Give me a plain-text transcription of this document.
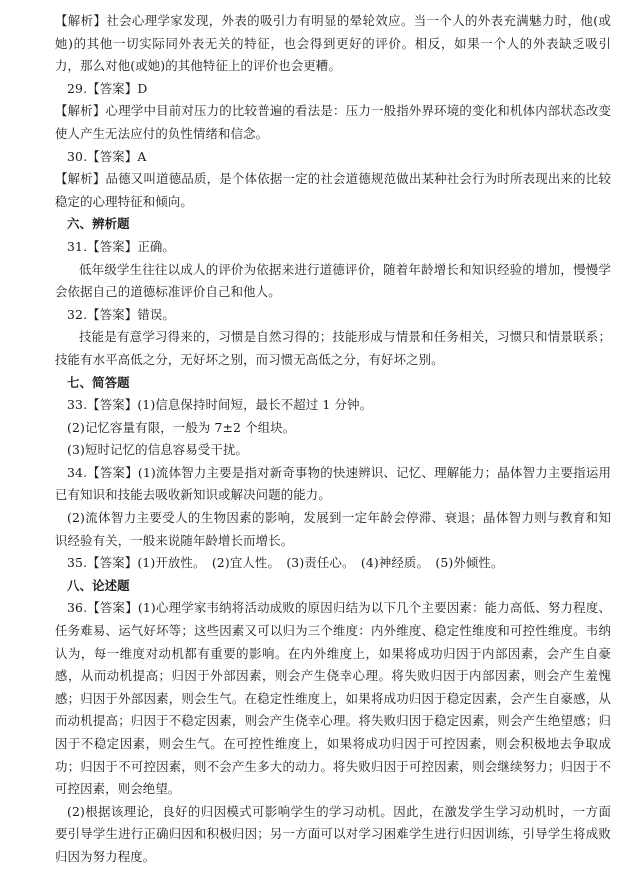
【解析】社会心理学家发现，外表的吸引力有明显的晕轮效应。当一个人的外表充满魅力时，他(或她)的其他一切实际同外表无关的特征，也会得到更好的评价。相反，如果一个人的外表缺乏吸引力，那么对他(或她)的其他特征上的评价也会更糟。

29.【答案】D

【解析】心理学中目前对压力的比较普遍的看法是：压力一般指外界环境的变化和机体内部状态改变使人产生无法应付的负性情绪和信念。

30.【答案】A

【解析】品德又叫道德品质，是个体依据一定的社会道德规范做出某种社会行为时所表现出来的比较稳定的心理特征和倾向。

六、辨析题

31.【答案】正确。

低年级学生往往以成人的评价为依据来进行道德评价，随着年龄增长和知识经验的增加，慢慢学会依据自己的道德标准评价自己和他人。

32.【答案】错误。

技能是有意学习得来的，习惯是自然习得的；技能形成与情景和任务相关，习惯只和情景联系；技能有水平高低之分，无好坏之别，而习惯无高低之分，有好坏之别。

七、简答题

33.【答案】(1)信息保持时间短，最长不超过 1 分钟。

(2)记忆容量有限，一般为 7±2 个组块。

(3)短时记忆的信息容易受干扰。

34.【答案】(1)流体智力主要是指对新奇事物的快速辨识、记忆、理解能力；晶体智力主要指运用已有知识和技能去吸收新知识或解决问题的能力。

(2)流体智力主要受人的生物因素的影响，发展到一定年龄会停滞、衰退；晶体智力则与教育和知识经验有关，一般来说随年龄增长而增长。

35.【答案】(1)开放性。　(2)宜人性。　(3)责任心。　(4)神经质。　(5)外倾性。

八、论述题

36.【答案】(1)心理学家韦纳将活动成败的原因归结为以下几个主要因素：能力高低、努力程度、任务难易、运气好坏等；这些因素又可以归为三个维度：内外维度、稳定性维度和可控性维度。韦纳认为，每一维度对动机都有重要的影响。在内外维度上，如果将成功归因于内部因素，会产生自豪感，从而动机提高；归因于外部因素，则会产生侥幸心理。将失败归因于内部因素，则会产生羞愧感；归因于外部因素，则会生气。在稳定性维度上，如果将成功归因于稳定因素，会产生自豪感，从而动机提高；归因于不稳定因素，则会产生侥幸心理。将失败归因于稳定因素，则会产生绝望感；归因于不稳定因素，则会生气。在可控性维度上，如果将成功归因于可控因素，则会积极地去争取成功；归因于不可控因素，则不会产生多大的动力。将失败归因于可控因素，则会继续努力；归因于不可控因素，则会绝望。

(2)根据该理论，良好的归因模式可影响学生的学习动机。因此，在激发学生学习动机时，一方面要引导学生进行正确归因和积极归因；另一方面可以对学习困难学生进行归因训练，引导学生将成败归因为努力程度。
